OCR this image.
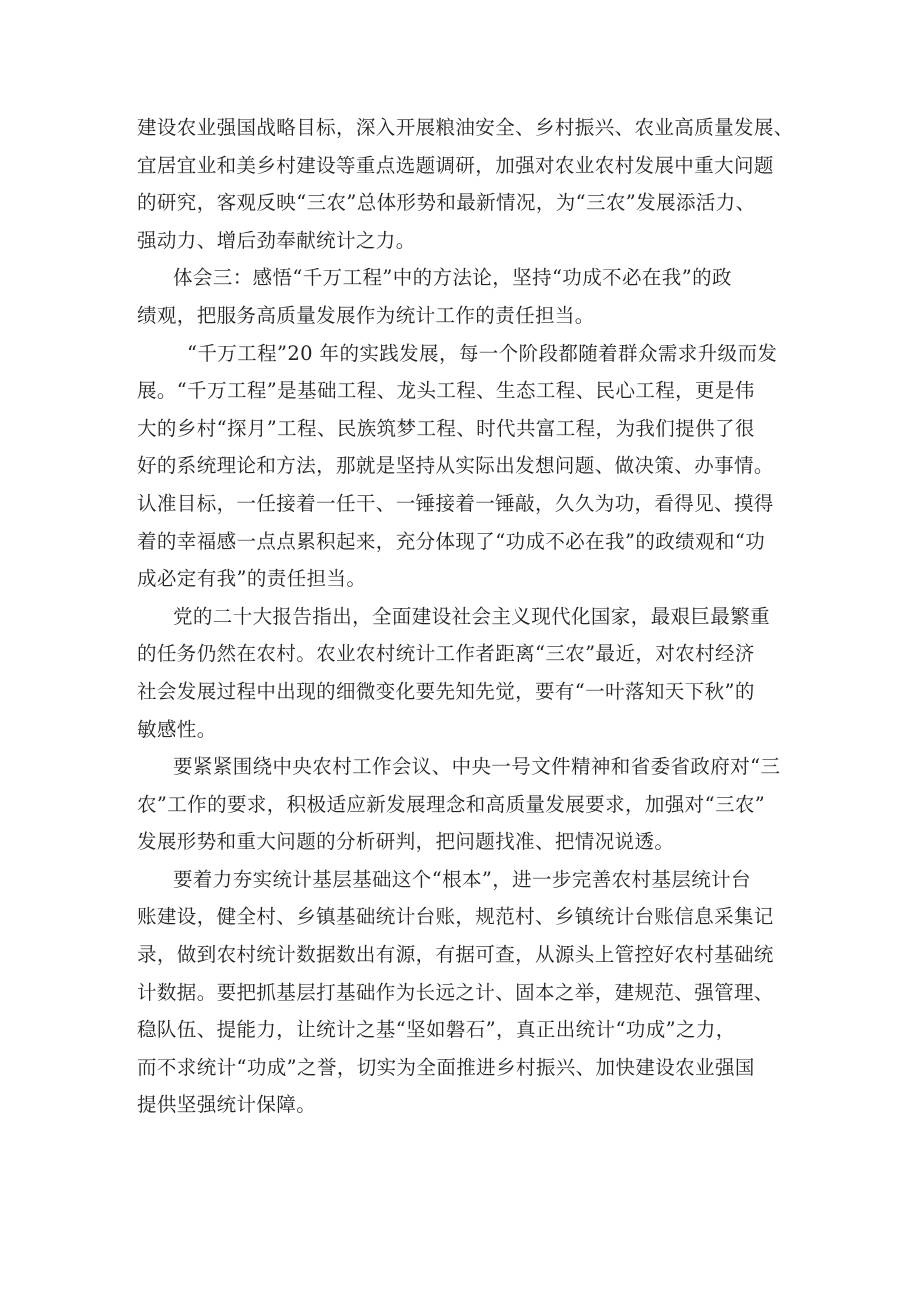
建设农业强国战略目标，深入开展粮油安全、乡村振兴、农业高质量发展、
宜居宜业和美乡村建设等重点选题调研，加强对农业农村发展中重大问题
的研究，客观反映“三农”总体形势和最新情况，为“三农”发展添活力、
强动力、增后劲奉献统计之力。
体会三：感悟“千万工程”中的方法论，坚持“功成不必在我”的政
绩观，把服务高质量发展作为统计工作的责任担当。
“千万工程”20 年的实践发展，每一个阶段都随着群众需求升级而发
展。“千万工程”是基础工程、龙头工程、生态工程、民心工程，更是伟
大的乡村“探月”工程、民族筑梦工程、时代共富工程，为我们提供了很
好的系统理论和方法，那就是坚持从实际出发想问题、做决策、办事情。
认准目标，一任接着一任干、一锤接着一锤敲，久久为功，看得见、摸得
着的幸福感一点点累积起来，充分体现了“功成不必在我”的政绩观和“功
成必定有我”的责任担当。
党的二十大报告指出，全面建设社会主义现代化国家，最艰巨最繁重
的任务仍然在农村。农业农村统计工作者距离“三农”最近，对农村经济
社会发展过程中出现的细微变化要先知先觉，要有“一叶落知天下秋”的
敏感性。
要紧紧围绕中央农村工作会议、中央一号文件精神和省委省政府对“三
农”工作的要求，积极适应新发展理念和高质量发展要求，加强对“三农”
发展形势和重大问题的分析研判，把问题找准、把情况说透。
要着力夯实统计基层基础这个“根本”，进一步完善农村基层统计台
账建设，健全村、乡镇基础统计台账，规范村、乡镇统计台账信息采集记
录，做到农村统计数据数出有源，有据可查，从源头上管控好农村基础统
计数据。要把抓基层打基础作为长远之计、固本之举，建规范、强管理、
稳队伍、提能力，让统计之基“坚如磐石”，真正出统计“功成”之力，
而不求统计“功成”之誉，切实为全面推进乡村振兴、加快建设农业强国
提供坚强统计保障。
